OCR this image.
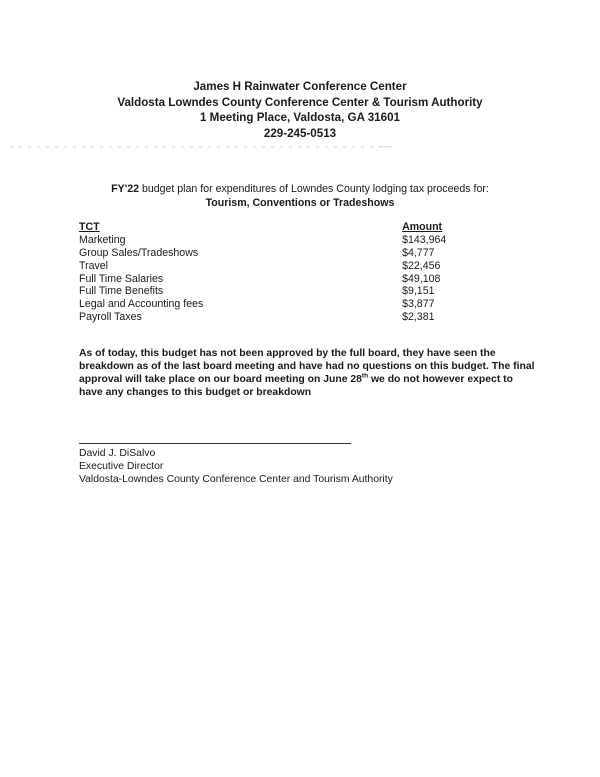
James H Rainwater Conference Center
Valdosta Lowndes County Conference Center & Tourism Authority
1 Meeting Place, Valdosta, GA 31601
229-245-0513
FY'22 budget plan for expenditures of Lowndes County lodging tax proceeds for:
Tourism, Conventions or Tradeshows
TCT	Amount
Marketing	$143,964
Group Sales/Tradeshows	$4,777
Travel	$22,456
Full Time Salaries	$49,108
Full Time Benefits	$9,151
Legal and Accounting fees	$3,877
Payroll Taxes	$2,381
As of today, this budget has not been approved by the full board, they have seen the breakdown as of the last board meeting and have had no questions on this budget. The final approval will take place on our board meeting on June 28th we do not however expect to have any changes to this budget or breakdown
David J. DiSalvo
Executive Director
Valdosta-Lowndes County Conference Center and Tourism Authority
